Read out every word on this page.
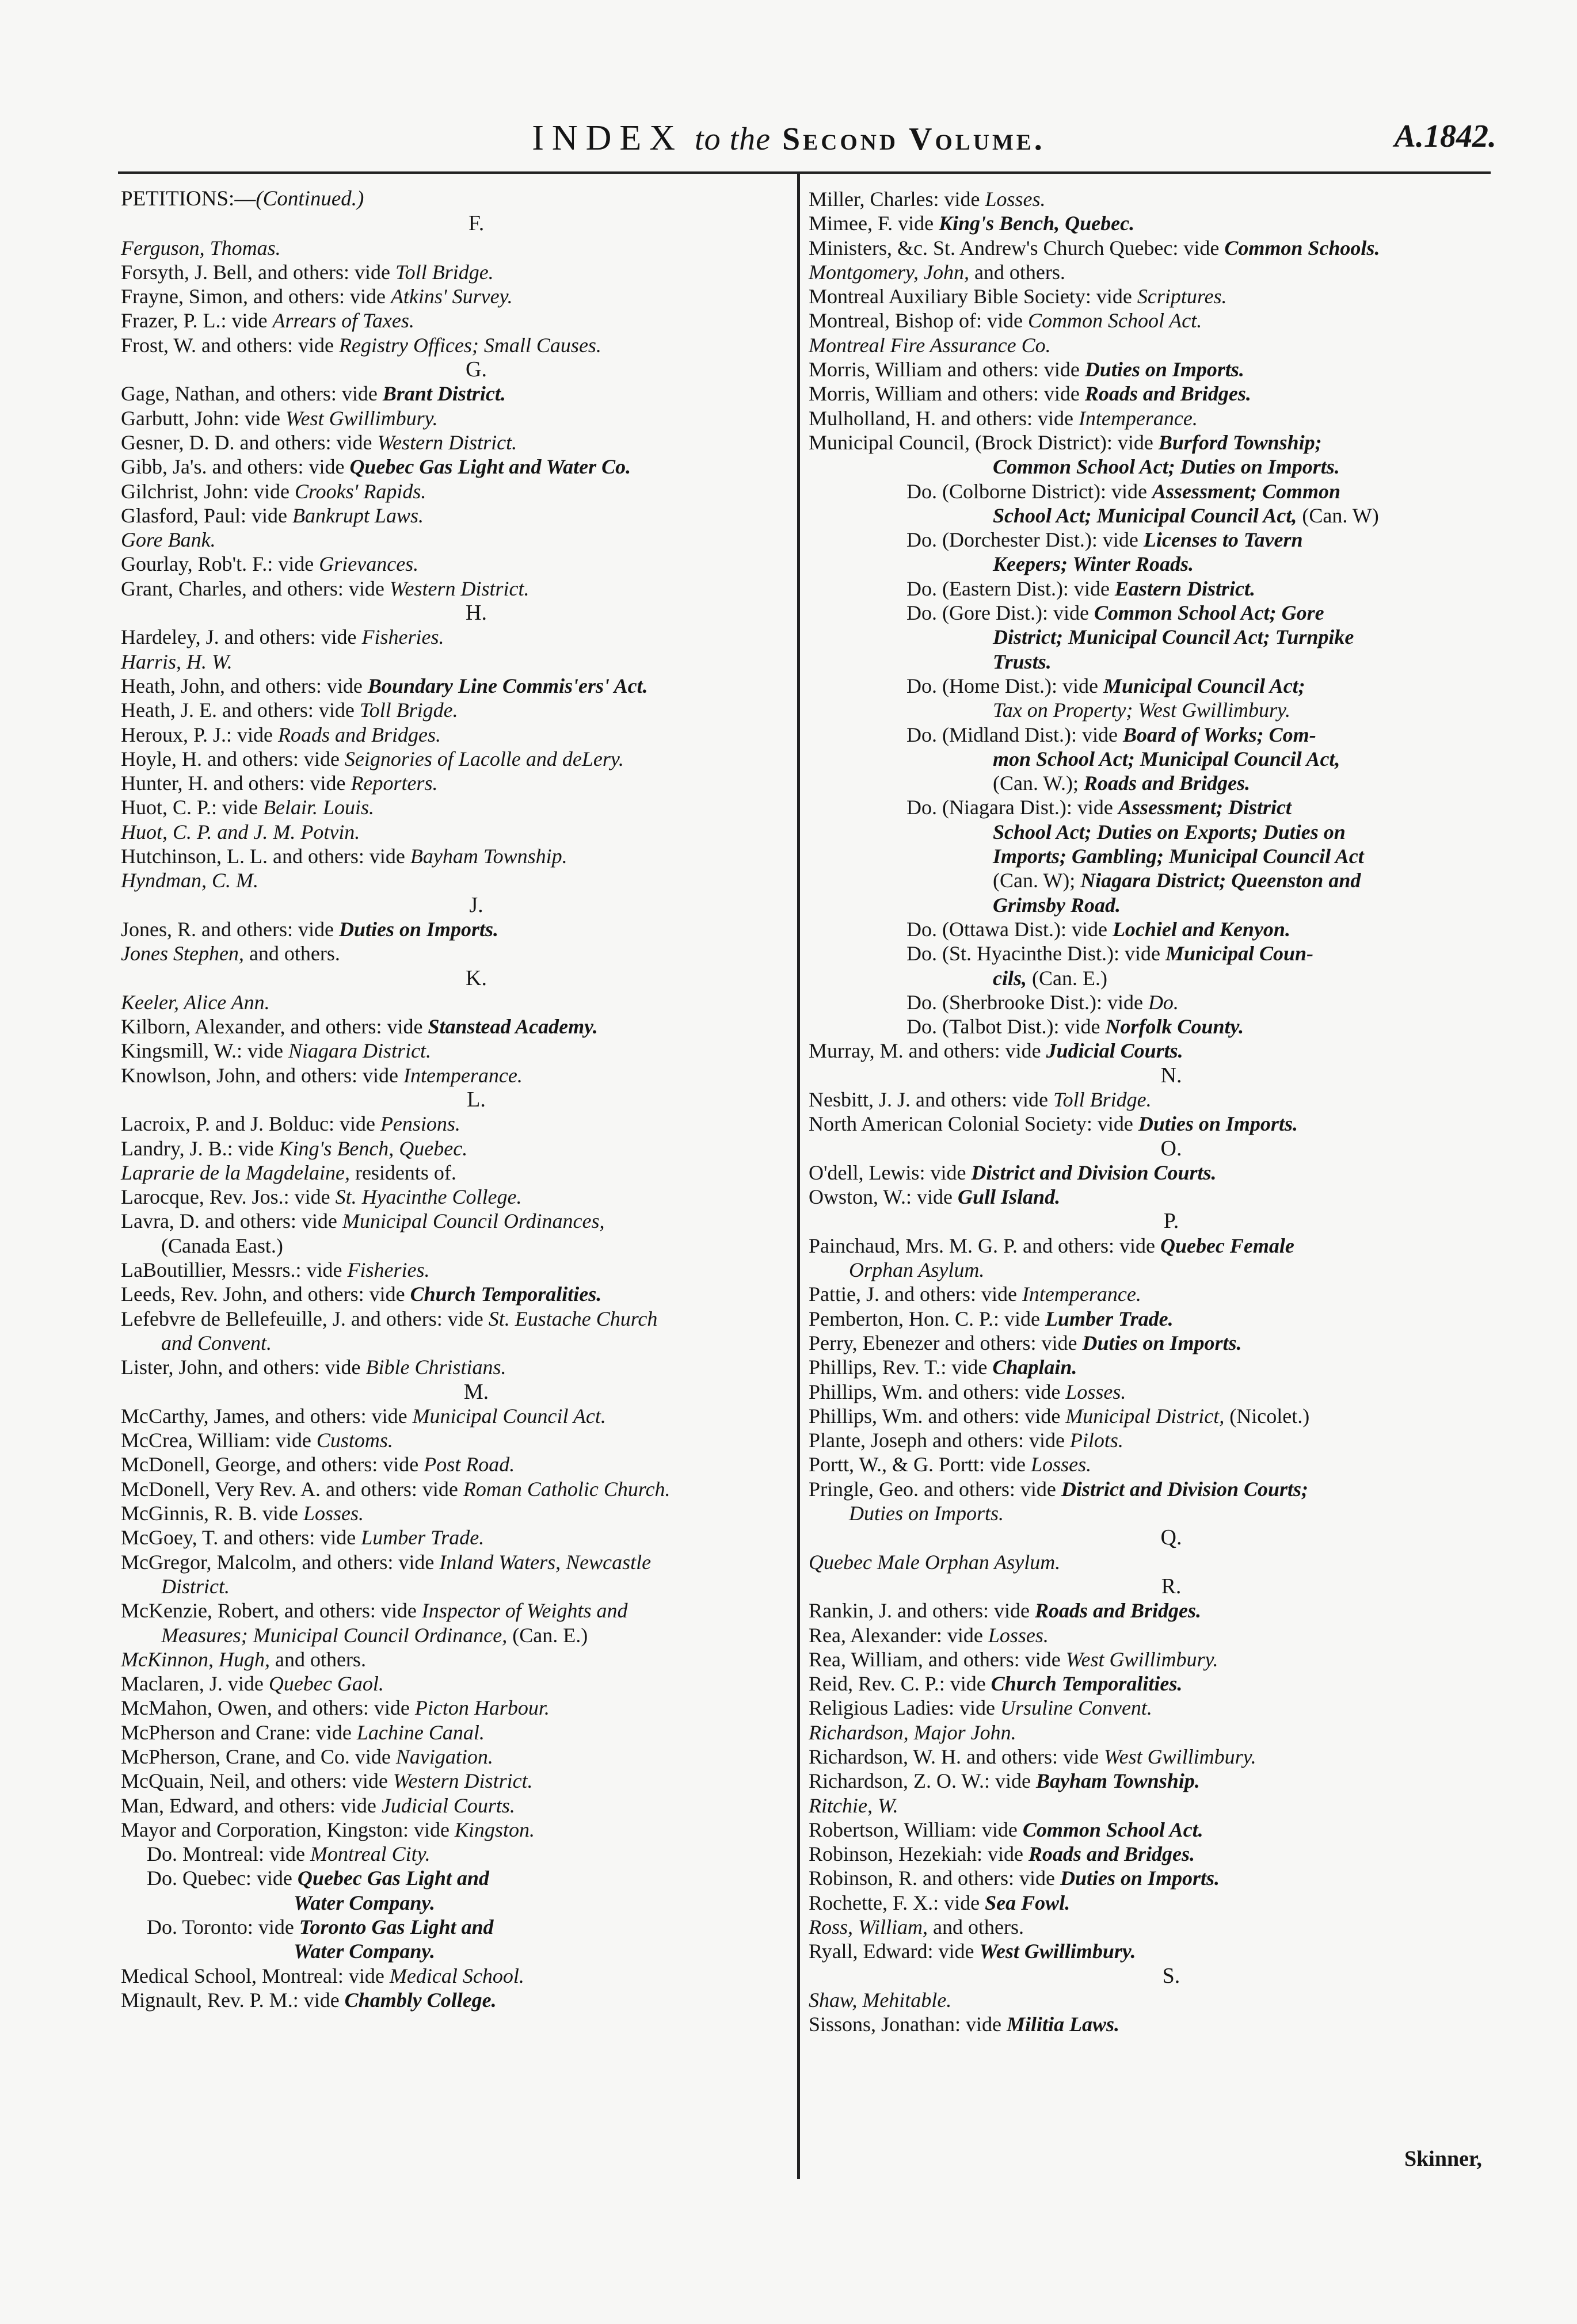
INDEX to the Second Volume.	A.1842.
PETITIONS:—(Continued.)
F.
Ferguson, Thomas.
Forsyth, J. Bell, and others: vide Toll Bridge.
Frayne, Simon, and others: vide Atkins' Survey.
Frazer, P. L.: vide Arrears of Taxes.
Frost, W. and others: vide Registry Offices; Small Causes.
G.
Gage, Nathan, and others: vide Brant District.
Garbutt, John: vide West Gwillimbury.
Gesner, D. D. and others: vide Western District.
Gibb, Ja's. and others: vide Quebec Gas Light and Water Co.
Gilchrist, John: vide Crooks' Rapids.
Glasford, Paul: vide Bankrupt Laws.
Gore Bank.
Gourlay, Rob't. F.: vide Grievances.
Grant, Charles, and others: vide Western District.
H.
Hardeley, J. and others: vide Fisheries.
Harris, H. W.
Heath, John, and others: vide Boundary Line Commis'ers' Act.
Heath, J. E. and others: vide Toll Brigde.
Heroux, P. J.: vide Roads and Bridges.
Hoyle, H. and others: vide Seignories of Lacolle and deLery.
Hunter, H. and others: vide Reporters.
Huot, C. P.: vide Belair. Louis.
Huot, C. P. and J. M. Potvin.
Hutchinson, L. L. and others: vide Bayham Township.
Hyndman, C. M.
J.
Jones, R. and others: vide Duties on Imports.
Jones Stephen, and others.
K.
Keeler, Alice Ann.
Kilborn, Alexander, and others: vide Stanstead Academy.
Kingsmill, W.: vide Niagara District.
Knowlson, John, and others: vide Intemperance.
L.
Lacroix, P. and J. Bolduc: vide Pensions.
Landry, J. B.: vide King's Bench, Quebec.
Laprarie de la Magdelaine, residents of.
Larocque, Rev. Jos.: vide St. Hyacinthe College.
Lavra, D. and others: vide Municipal Council Ordinances,
(Canada East.)
LaBoutillier, Messrs.: vide Fisheries.
Leeds, Rev. John, and others: vide Church Temporalities.
Lefebvre de Bellefeuille, J. and others: vide St. Eustache Church
and Convent.
Lister, John, and others: vide Bible Christians.
M.
McCarthy, James, and others: vide Municipal Council Act.
McCrea, William: vide Customs.
McDonell, George, and others: vide Post Road.
McDonell, Very Rev. A. and others: vide Roman Catholic Church.
McGinnis, R. B. vide Losses.
McGoey, T. and others: vide Lumber Trade.
McGregor, Malcolm, and others: vide Inland Waters, Newcastle
District.
McKenzie, Robert, and others: vide Inspector of Weights and
Measures; Municipal Council Ordinance, (Can. E.)
McKinnon, Hugh, and others.
Maclaren, J. vide Quebec Gaol.
McMahon, Owen, and others: vide Picton Harbour.
McPherson and Crane: vide Lachine Canal.
McPherson, Crane, and Co. vide Navigation.
McQuain, Neil, and others: vide Western District.
Man, Edward, and others: vide Judicial Courts.
Mayor and Corporation, Kingston: vide Kingston.
Do. Montreal: vide Montreal City.
Do. Quebec: vide Quebec Gas Light and
Water Company.
Do. Toronto: vide Toronto Gas Light and
Water Company.
Medical School, Montreal: vide Medical School.
Mignault, Rev. P. M.: vide Chambly College.
Miller, Charles: vide Losses.
Mimee, F. vide King's Bench, Quebec.
Ministers, &c. St. Andrew's Church Quebec: vide Common Schools.
Montgomery, John, and others.
Montreal Auxiliary Bible Society: vide Scriptures.
Montreal, Bishop of: vide Common School Act.
Montreal Fire Assurance Co.
Morris, William and others: vide Duties on Imports.
Morris, William and others: vide Roads and Bridges.
Mulholland, H. and others: vide Intemperance.
Municipal Council, (Brock District): vide Burford Township;
Common School Act; Duties on Imports.
Do. (Colborne District): vide Assessment; Common
School Act; Municipal Council Act, (Can. W)
Do. (Dorchester Dist.): vide Licenses to Tavern
Keepers; Winter Roads.
Do. (Eastern Dist.): vide Eastern District.
Do. (Gore Dist.): vide Common School Act; Gore
District; Municipal Council Act; Turnpike
Trusts.
Do. (Home Dist.): vide Municipal Council Act;
Tax on Property; West Gwillimbury.
Do. (Midland Dist.): vide Board of Works; Com-
mon School Act; Municipal Council Act,
(Can. W.); Roads and Bridges.
Do. (Niagara Dist.): vide Assessment; District
School Act; Duties on Exports; Duties on
Imports; Gambling; Municipal Council Act
(Can. W); Niagara District; Queenston and
Grimsby Road.
Do. (Ottawa Dist.): vide Lochiel and Kenyon.
Do. (St. Hyacinthe Dist.): vide Municipal Coun-
cils, (Can. E.)
Do. (Sherbrooke Dist.): vide Do.
Do. (Talbot Dist.): vide Norfolk County.
Murray, M. and others: vide Judicial Courts.
N.
Nesbitt, J. J. and others: vide Toll Bridge.
North American Colonial Society: vide Duties on Imports.
O.
O'dell, Lewis: vide District and Division Courts.
Owston, W.: vide Gull Island.
P.
Painchaud, Mrs. M. G. P. and others: vide Quebec Female
Orphan Asylum.
Pattie, J. and others: vide Intemperance.
Pemberton, Hon. C. P.: vide Lumber Trade.
Perry, Ebenezer and others: vide Duties on Imports.
Phillips, Rev. T.: vide Chaplain.
Phillips, Wm. and others: vide Losses.
Phillips, Wm. and others: vide Municipal District, (Nicolet.)
Plante, Joseph and others: vide Pilots.
Portt, W., & G. Portt: vide Losses.
Pringle, Geo. and others: vide District and Division Courts;
Duties on Imports.
Q.
Quebec Male Orphan Asylum.
R.
Rankin, J. and others: vide Roads and Bridges.
Rea, Alexander: vide Losses.
Rea, William, and others: vide West Gwillimbury.
Reid, Rev. C. P.: vide Church Temporalities.
Religious Ladies: vide Ursuline Convent.
Richardson, Major John.
Richardson, W. H. and others: vide West Gwillimbury.
Richardson, Z. O. W.: vide Bayham Township.
Ritchie, W.
Robertson, William: vide Common School Act.
Robinson, Hezekiah: vide Roads and Bridges.
Robinson, R. and others: vide Duties on Imports.
Rochette, F. X.: vide Sea Fowl.
Ross, William, and others.
Ryall, Edward: vide West Gwillimbury.
S.
Shaw, Mehitable.
Sissons, Jonathan: vide Militia Laws.
Skinner,
